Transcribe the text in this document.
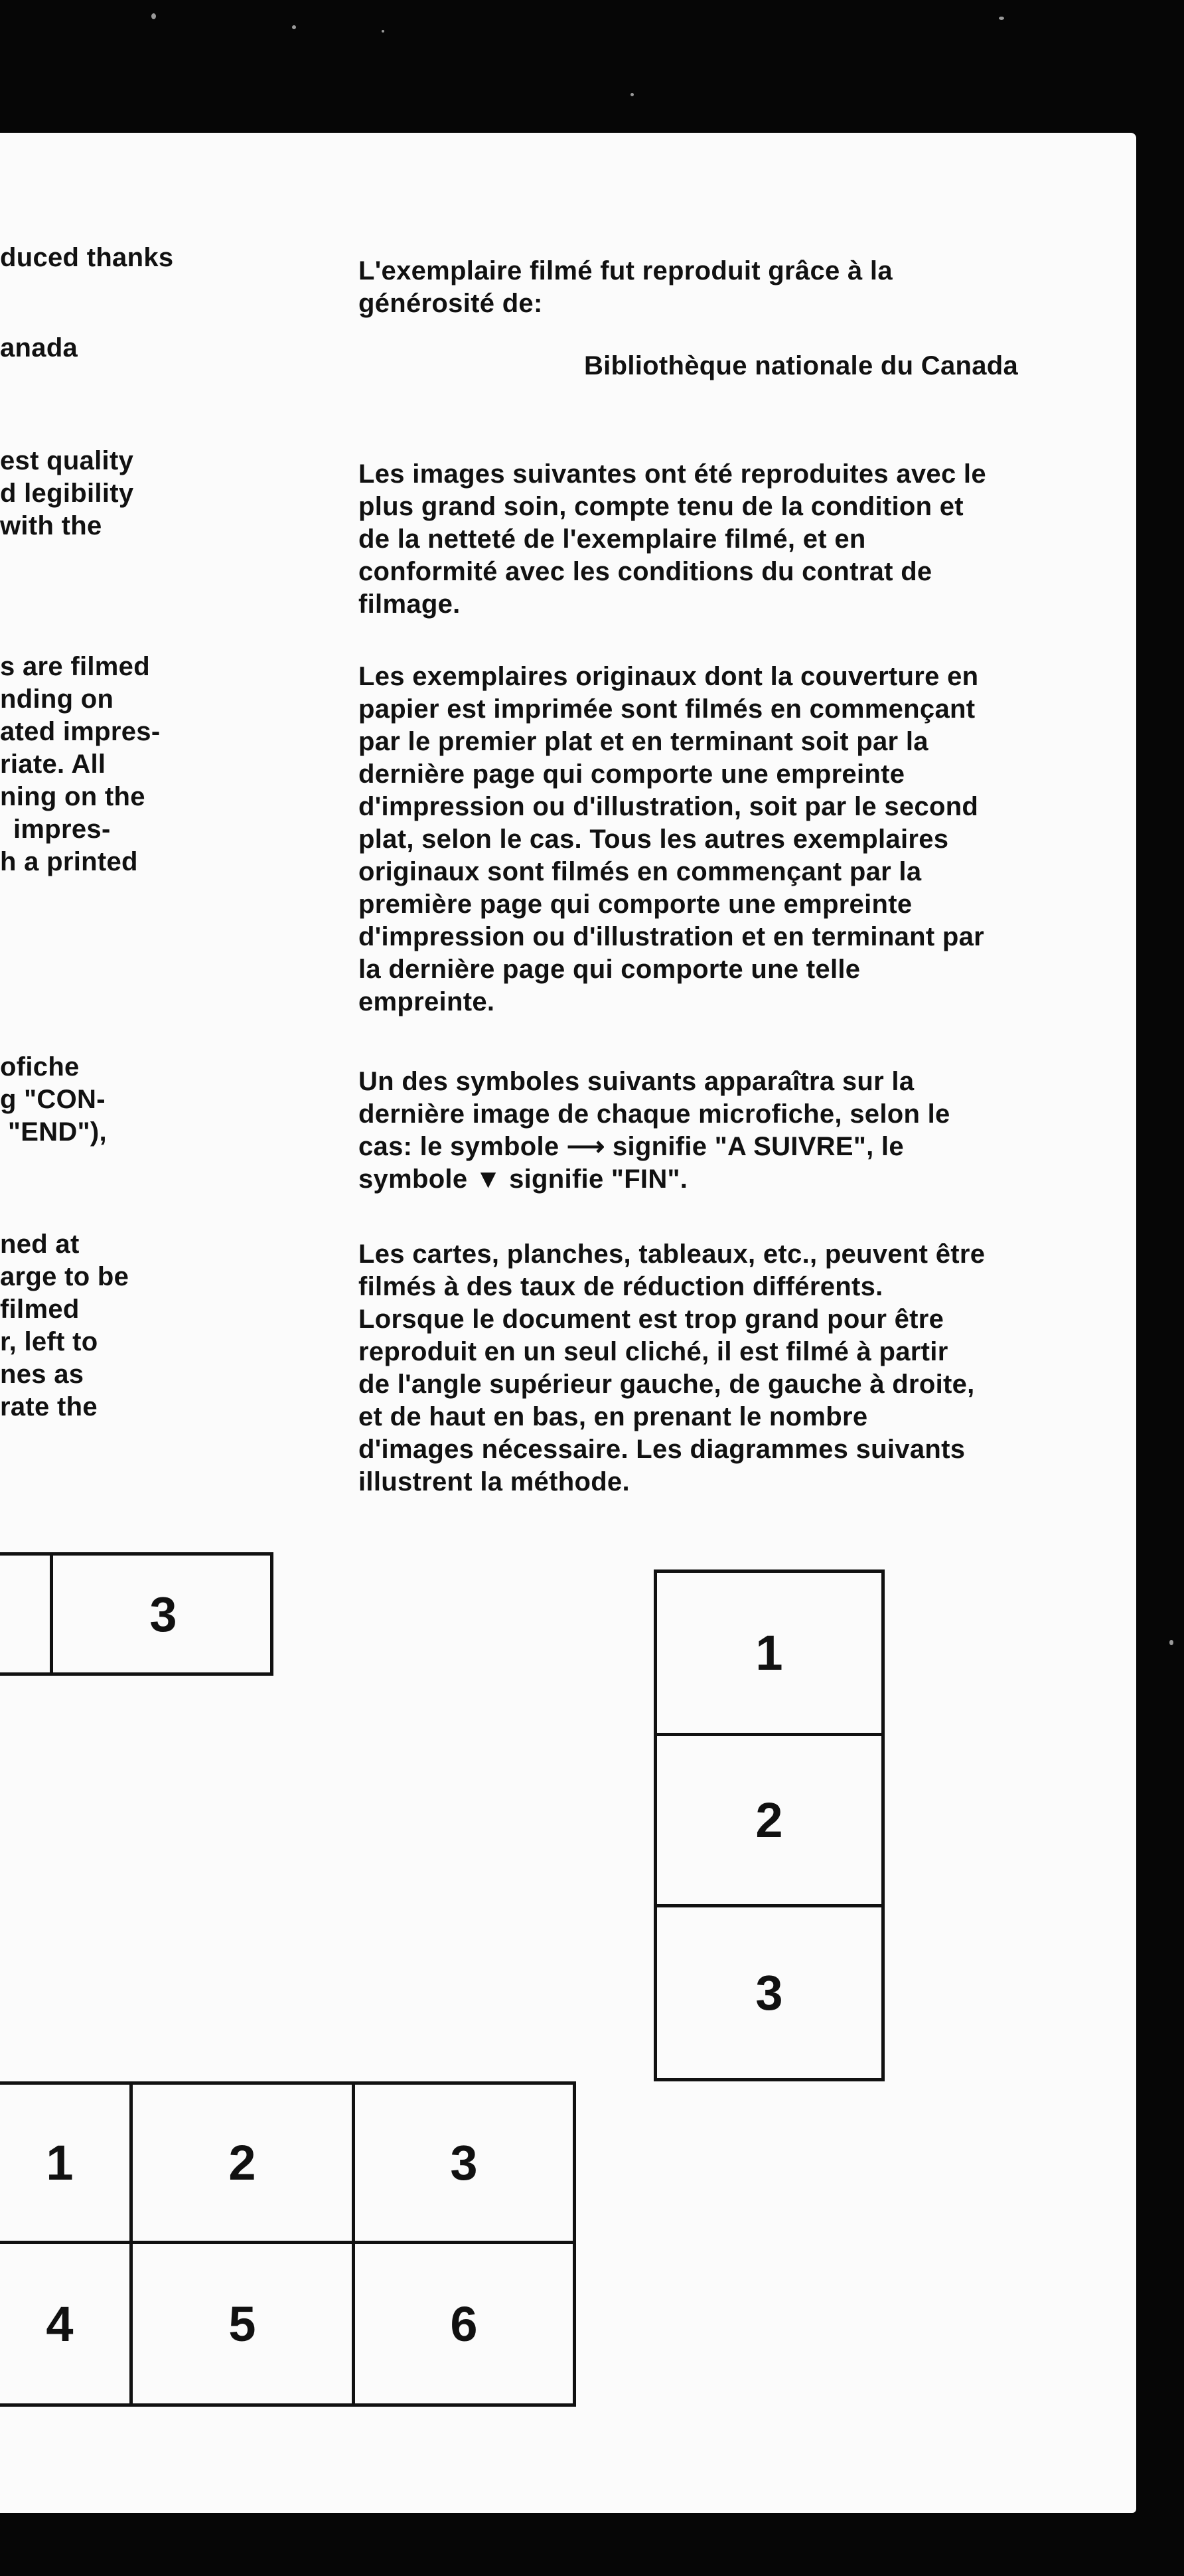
duced thanks
anada
est quality
d legibility
with the
s are filmed
nding on
ated impres-
riate. All
ning on the
impres-
h a printed
ofiche
g "CON-
"END"),
ned at
arge to be
filmed
r, left to
nes as
rate the
L'exemplaire filmé fut reproduit grâce à la
générosité de:
Bibliothèque nationale du Canada
Les images suivantes ont été reproduites avec le
plus grand soin, compte tenu de la condition et
de la netteté de l'exemplaire filmé, et en
conformité avec les conditions du contrat de
filmage.
Les exemplaires originaux dont la couverture en
papier est imprimée sont filmés en commençant
par le premier plat et en terminant soit par la
dernière page qui comporte une empreinte
d'impression ou d'illustration, soit par le second
plat, selon le cas. Tous les autres exemplaires
originaux sont filmés en commençant par la
première page qui comporte une empreinte
d'impression ou d'illustration et en terminant par
la dernière page qui comporte une telle
empreinte.
Un des symboles suivants apparaîtra sur la
dernière image de chaque microfiche, selon le
cas: le symbole ⟶ signifie "A SUIVRE", le
symbole ▼ signifie "FIN".
Les cartes, planches, tableaux, etc., peuvent être
filmés à des taux de réduction différents.
Lorsque le document est trop grand pour être
reproduit en un seul cliché, il est filmé à partir
de l'angle supérieur gauche, de gauche à droite,
et de haut en bas, en prenant le nombre
d'images nécessaire. Les diagrammes suivants
illustrent la méthode.
3
1
2
3
1	2	3
4	5	6
